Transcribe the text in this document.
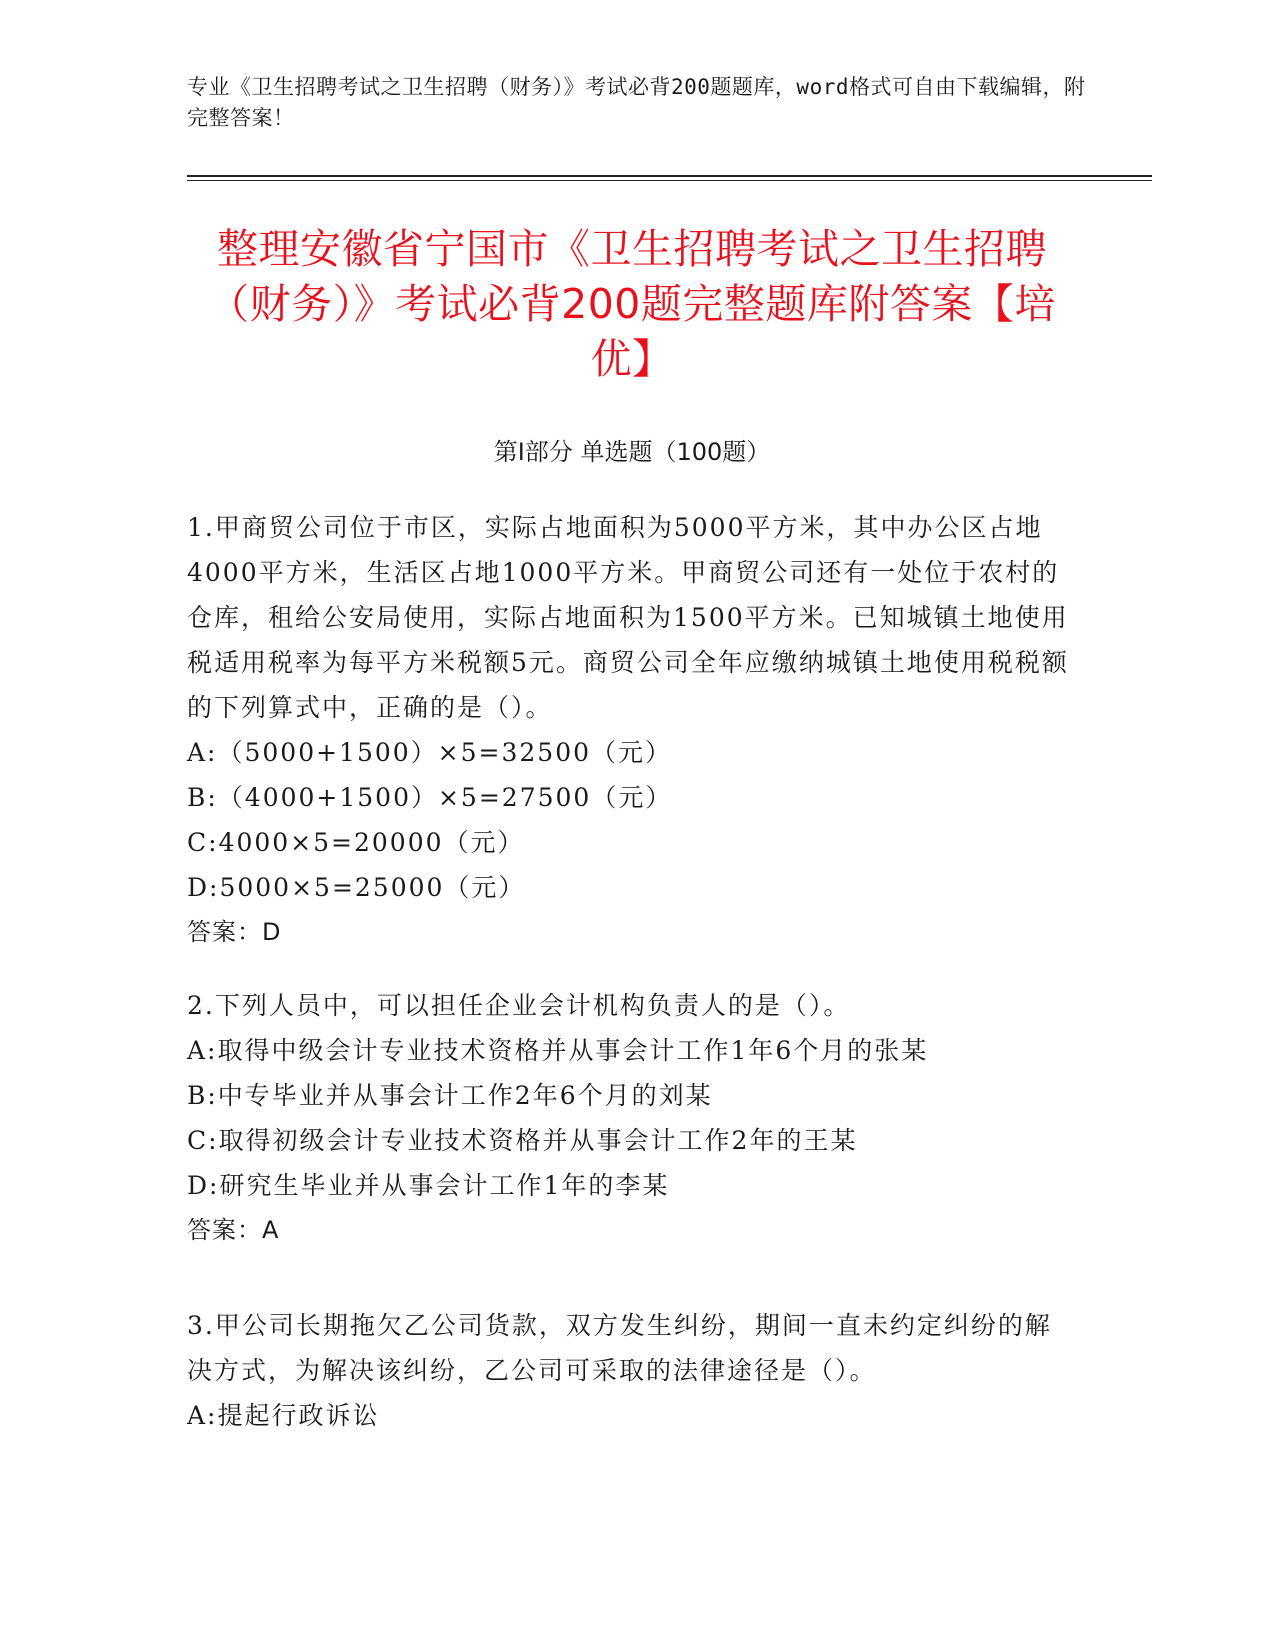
专业《卫生招聘考试之卫生招聘（财务）》考试必背200题题库，word格式可自由下载编辑，附完整答案！
整理安徽省宁国市《卫生招聘考试之卫生招聘（财务）》考试必背200题完整题库附答案【培优】
第I部分 单选题（100题）

1.甲商贸公司位于市区，实际占地面积为5000平方米，其中办公区占地4000平方米，生活区占地1000平方米。甲商贸公司还有一处位于农村的仓库，租给公安局使用，实际占地面积为1500平方米。已知城镇土地使用税适用税率为每平方米税额5元。商贸公司全年应缴纳城镇土地使用税税额的下列算式中，正确的是（）。

A:（5000+1500）×5=32500（元）

B:（4000+1500）×5=27500（元）

C:4000×5=20000（元）

D:5000×5=25000（元）

答案：D

2.下列人员中，可以担任企业会计机构负责人的是（）。

A:取得中级会计专业技术资格并从事会计工作1年6个月的张某

B:中专毕业并从事会计工作2年6个月的刘某

C:取得初级会计专业技术资格并从事会计工作2年的王某

D:研究生毕业并从事会计工作1年的李某

答案：A

3.甲公司长期拖欠乙公司货款，双方发生纠纷，期间一直未约定纠纷的解决方式，为解决该纠纷，乙公司可采取的法律途径是（）。

A:提起行政诉讼
